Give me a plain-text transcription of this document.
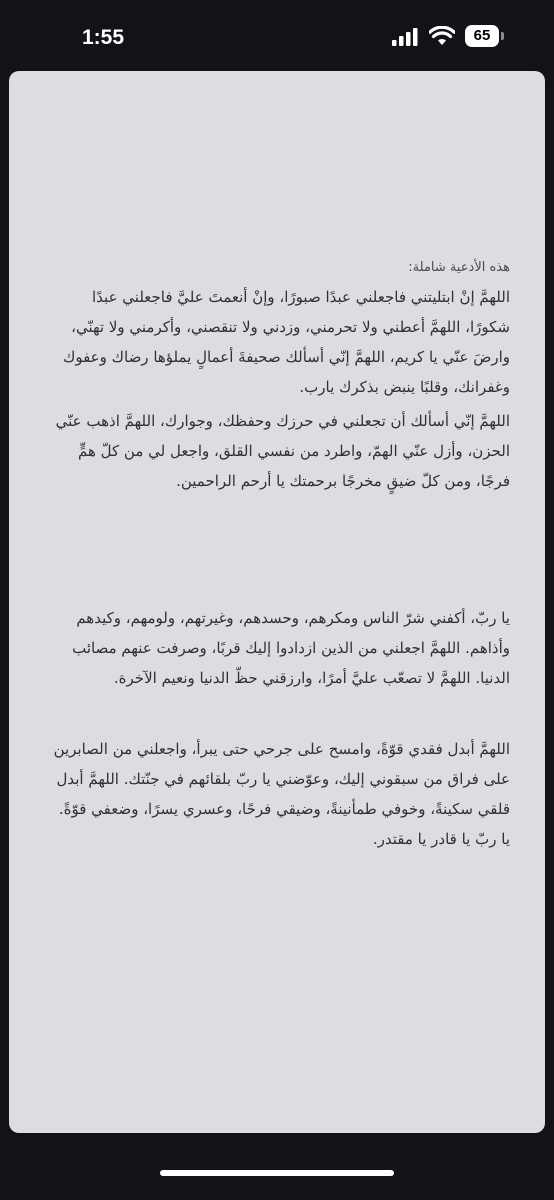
1:55	65
هذه الأدعية شاملة:
اللهمَّ إنْ ابتليتني فاجعلني عبدًا صبورًا، وإنْ أنعمتَ عليَّ فاجعلني عبدًا شكورًا، اللهمَّ أعطني ولا تحرمني، وزدني ولا تنقصني، وأكرمني ولا تهنّي، وارضَ عنّي يا كريم، اللهمَّ إنّي أسألك صحيفةَ أعمالٍ يملؤها رضاك وعفوك وغفرانك، وقلبًا ينبض بذكرك يارب.
اللهمَّ إنّي أسألك أن تجعلني في حرزك وحفظك، وجوارك، اللهمَّ اذهب عنّي الحزن، وأزل عنّي الهمّ، واطرد من نفسي القلق، واجعل لي من كلّ همٍّ فرجًا، ومن كلّ ضيقٍ مخرجًا برحمتك يا أرحم الراحمين.
يا ربّ، أكفني شرّ الناس ومكرهم، وحسدهم، وغيرتهم، ولومهم، وكيدهم وأذاهم. اللهمَّ اجعلني من الذين ازدادوا إليك قربًا، وصرفت عنهم مصائب الدنيا. اللهمَّ لا تصعّب عليَّ أمرًا، وارزقني حظّ الدنيا ونعيم الآخرة.
اللهمَّ أبدل فقدي قوّةً، وامسح على جرحي حتى يبرأ، واجعلني من الصابرين على فراق من سبقوني إليك، وعوّضني يا ربّ بلقائهم في جنّتك. اللهمَّ أبدل قلقي سكينةً، وخوفي طمأنينةً، وضيقي فرحًا، وعسري يسرًا، وضعفي قوّةً. يا ربّ يا قادر يا مقتدر.
